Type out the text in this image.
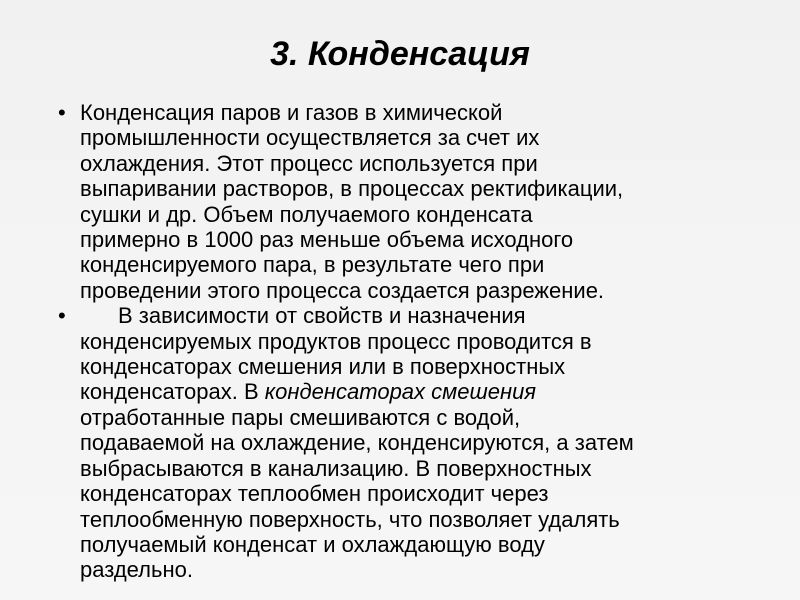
3. Конденсация
• Конденсация паров и газов в химической
промышленности осуществляется за счет их
охлаждения. Этот процесс используется при
выпаривании растворов, в процессах ректификации,
сушки и др. Объем получаемого конденсата
примерно в 1000 раз меньше объема исходного
конденсируемого пара, в результате чего при
проведении этого процесса создается разрежение.
•	В зависимости от свойств и назначения
конденсируемых продуктов процесс проводится в
конденсаторах смешения или в поверхностных
конденсаторах. В конденсаторах смешения
отработанные пары смешиваются с водой,
подаваемой на охлаждение, конденсируются, а затем
выбрасываются в канализацию. В поверхностных
конденсаторах теплообмен происходит через
теплообменную поверхность, что позволяет удалять
получаемый конденсат и охлаждающую воду
раздельно.
